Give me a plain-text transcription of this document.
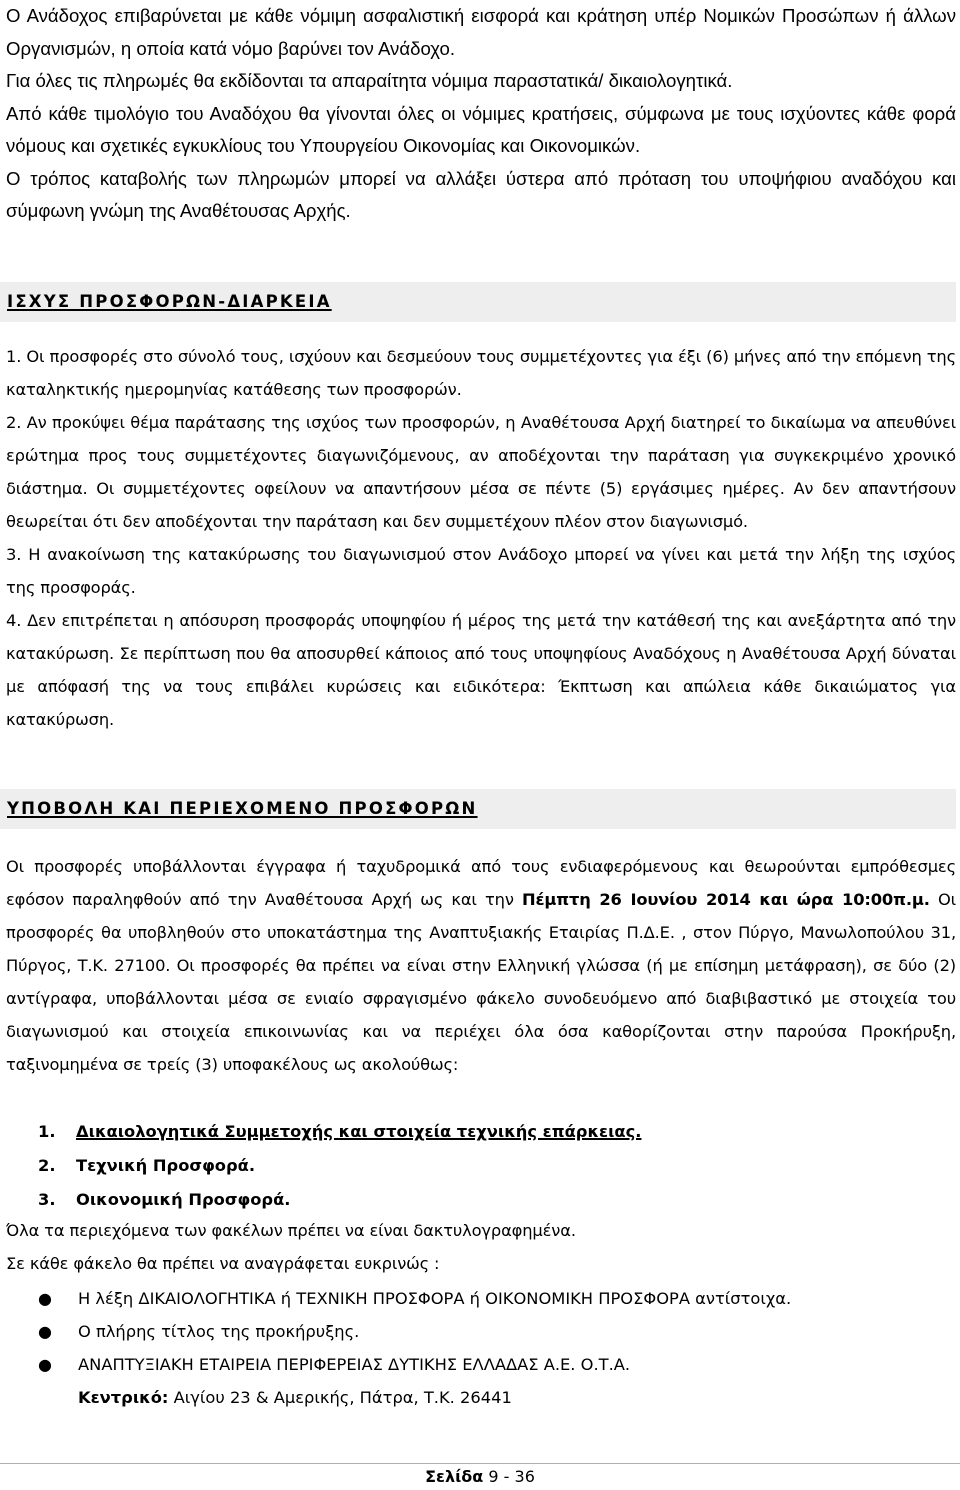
Ο Ανάδοχος επιβαρύνεται με κάθε νόμιμη ασφαλιστική εισφορά και κράτηση υπέρ Νομικών Προσώπων ή άλλων Οργανισμών, η οποία κατά νόμο βαρύνει τον Ανάδοχο.

Για όλες τις πληρωμές θα εκδίδονται τα απαραίτητα νόμιμα παραστατικά/ δικαιολογητικά.

Από κάθε τιμολόγιο του Αναδόχου θα γίνονται όλες οι νόμιμες κρατήσεις, σύμφωνα με τους ισχύοντες κάθε φορά νόμους και σχετικές εγκυκλίους του Υπουργείου Οικονομίας και Οικονομικών.

Ο τρόπος καταβολής των πληρωμών μπορεί να αλλάξει ύστερα από πρόταση του υποψήφιου αναδόχου και σύμφωνη γνώμη της Αναθέτουσας Αρχής.

ΙΣΧΥΣ ΠΡΟΣΦΟΡΩΝ-ΔΙΑΡΚΕΙΑ

1. Οι προσφορές στο σύνολό τους, ισχύουν και δεσμεύουν τους συμμετέχοντες για έξι (6) μήνες από την επόμενη της καταληκτικής ημερομηνίας κατάθεσης των προσφορών.

2. Αν προκύψει θέμα παράτασης της ισχύος των προσφορών, η Αναθέτουσα Αρχή διατηρεί το δικαίωμα να απευθύνει ερώτημα προς τους συμμετέχοντες διαγωνιζόμενους, αν αποδέχονται την παράταση για συγκεκριμένο χρονικό διάστημα. Οι συμμετέχοντες οφείλουν να απαντήσουν μέσα σε πέντε (5) εργάσιμες ημέρες. Αν δεν απαντήσουν θεωρείται ότι δεν αποδέχονται την παράταση και δεν συμμετέχουν πλέον στον διαγωνισμό.

3. Η ανακοίνωση της κατακύρωσης του διαγωνισμού στον Ανάδοχο μπορεί να γίνει και μετά την λήξη της ισχύος της προσφοράς.

4. Δεν επιτρέπεται η απόσυρση προσφοράς υποψηφίου ή μέρος της μετά την κατάθεσή της και ανεξάρτητα από την κατακύρωση. Σε περίπτωση που θα αποσυρθεί κάποιος από τους υποψηφίους Αναδόχους η Αναθέτουσα Αρχή δύναται με απόφασή της να τους επιβάλει κυρώσεις και ειδικότερα: Έκπτωση και απώλεια κάθε δικαιώματος για κατακύρωση.

ΥΠΟΒΟΛΗ ΚΑΙ ΠΕΡΙΕΧΟΜΕΝΟ ΠΡΟΣΦΟΡΩΝ

Οι προσφορές υποβάλλονται έγγραφα ή ταχυδρομικά από τους ενδιαφερόμενους και θεωρούνται εμπρόθεσμες εφόσον παραληφθούν από την Αναθέτουσα Αρχή ως και την Πέμπτη 26 Ιουνίου 2014 και ώρα 10:00π.μ. Οι προσφορές θα υποβληθούν στο υποκατάστημα της Αναπτυξιακής Εταιρίας Π.Δ.Ε. , στον Πύργο, Μανωλοπούλου 31, Πύργος, Τ.Κ. 27100. Οι προσφορές θα πρέπει να είναι στην Ελληνική γλώσσα (ή με επίσημη μετάφραση), σε δύο (2) αντίγραφα, υποβάλλονται μέσα σε ενιαίο σφραγισμένο φάκελο συνοδευόμενο από διαβιβαστικό με στοιχεία του διαγωνισμού και στοιχεία επικοινωνίας και να περιέχει όλα όσα καθορίζονται στην παρούσα Προκήρυξη, ταξινομημένα σε τρείς (3) υποφακέλους ως ακολούθως:

1. Δικαιολογητικά Συμμετοχής και στοιχεία τεχνικής επάρκειας.
2. Τεχνική Προσφορά.
3. Οικονομική Προσφορά.

Όλα τα περιεχόμενα των φακέλων πρέπει να είναι δακτυλογραφημένα.

Σε κάθε φάκελο θα πρέπει να αναγράφεται ευκρινώς :

● Η λέξη ΔΙΚΑΙΟΛΟΓΗΤΙΚΑ ή ΤΕΧΝΙΚΗ ΠΡΟΣΦΟΡΑ ή ΟΙΚΟΝΟΜΙΚΗ ΠΡΟΣΦΟΡΑ αντίστοιχα.
● Ο πλήρης τίτλος της προκήρυξης.
● ΑΝΑΠΤΥΞΙΑΚΗ ΕΤΑΙΡΕΙΑ ΠΕΡΙΦΕΡΕΙΑΣ ΔΥΤΙΚΗΣ ΕΛΛΑΔΑΣ Α.Ε. Ο.Τ.Α.
Κεντρικό: Αιγίου 23 & Αμερικής, Πάτρα, Τ.Κ. 26441
Σελίδα 9 - 36
